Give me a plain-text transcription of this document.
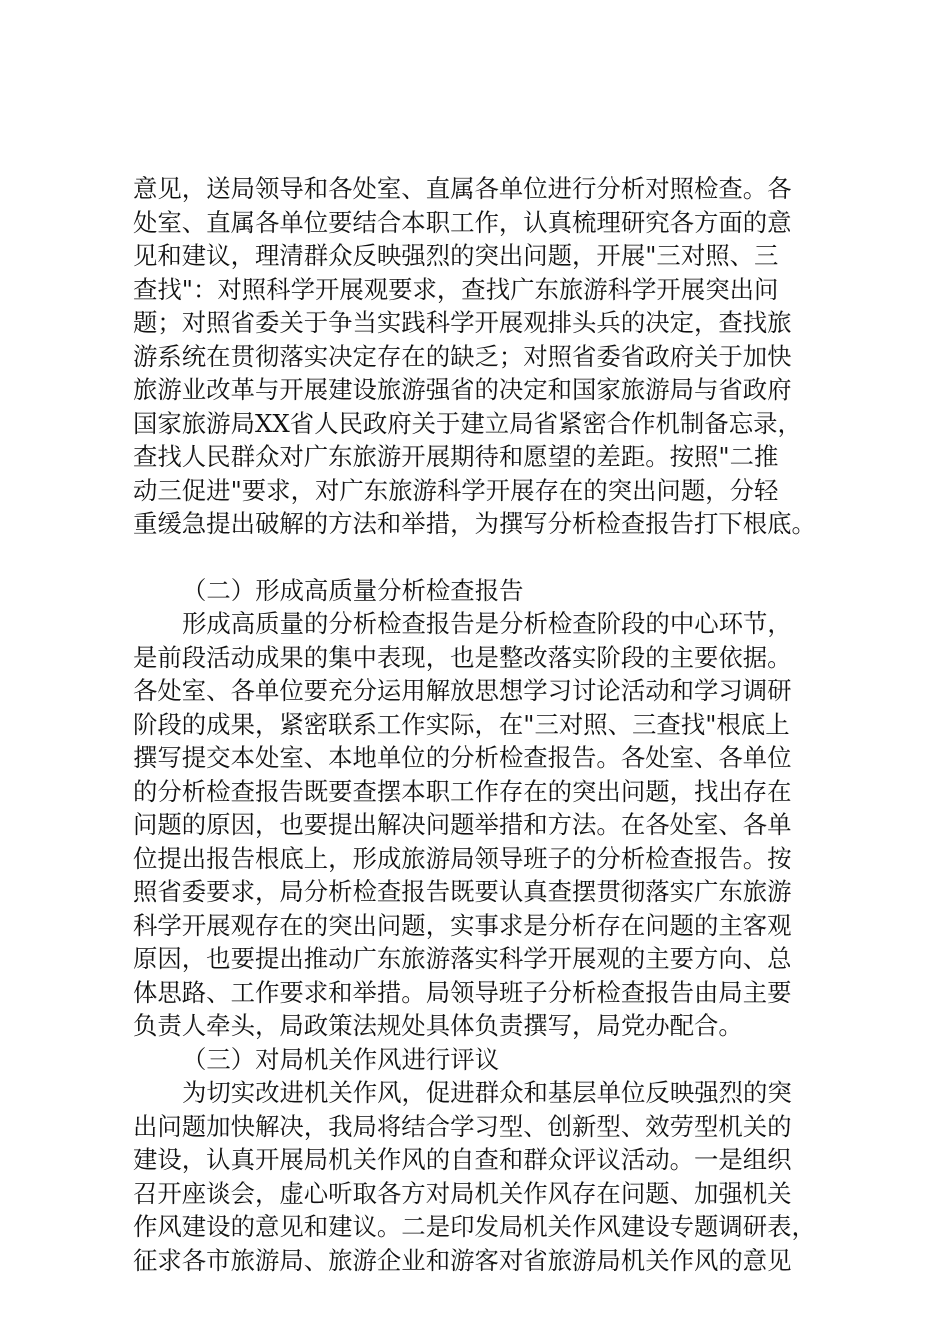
意见，送局领导和各处室、直属各单位进行分析对照检查。各
处室、直属各单位要结合本职工作，认真梳理研究各方面的意
见和建议，理清群众反映强烈的突出问题，开展"三对照、三
查找"：对照科学开展观要求，查找广东旅游科学开展突出问
题；对照省委关于争当实践科学开展观排头兵的决定，查找旅
游系统在贯彻落实决定存在的缺乏；对照省委省政府关于加快
旅游业改革与开展建设旅游强省的决定和国家旅游局与省政府
国家旅游局XX省人民政府关于建立局省紧密合作机制备忘录，
查找人民群众对广东旅游开展期待和愿望的差距。按照"二推
动三促进"要求，对广东旅游科学开展存在的突出问题，分轻
重缓急提出破解的方法和举措，为撰写分析检查报告打下根底。
（二）形成高质量分析检查报告
形成高质量的分析检查报告是分析检查阶段的中心环节，
是前段活动成果的集中表现，也是整改落实阶段的主要依据。
各处室、各单位要充分运用解放思想学习讨论活动和学习调研
阶段的成果，紧密联系工作实际，在"三对照、三查找"根底上
撰写提交本处室、本地单位的分析检查报告。各处室、各单位
的分析检查报告既要查摆本职工作存在的突出问题，找出存在
问题的原因，也要提出解决问题举措和方法。在各处室、各单
位提出报告根底上，形成旅游局领导班子的分析检查报告。按
照省委要求，局分析检查报告既要认真查摆贯彻落实广东旅游
科学开展观存在的突出问题，实事求是分析存在问题的主客观
原因，也要提出推动广东旅游落实科学开展观的主要方向、总
体思路、工作要求和举措。局领导班子分析检查报告由局主要
负责人牵头，局政策法规处具体负责撰写，局党办配合。
（三）对局机关作风进行评议
为切实改进机关作风，促进群众和基层单位反映强烈的突
出问题加快解决，我局将结合学习型、创新型、效劳型机关的
建设，认真开展局机关作风的自查和群众评议活动。一是组织
召开座谈会，虚心听取各方对局机关作风存在问题、加强机关
作风建设的意见和建议。二是印发局机关作风建设专题调研表，
征求各市旅游局、旅游企业和游客对省旅游局机关作风的意见
